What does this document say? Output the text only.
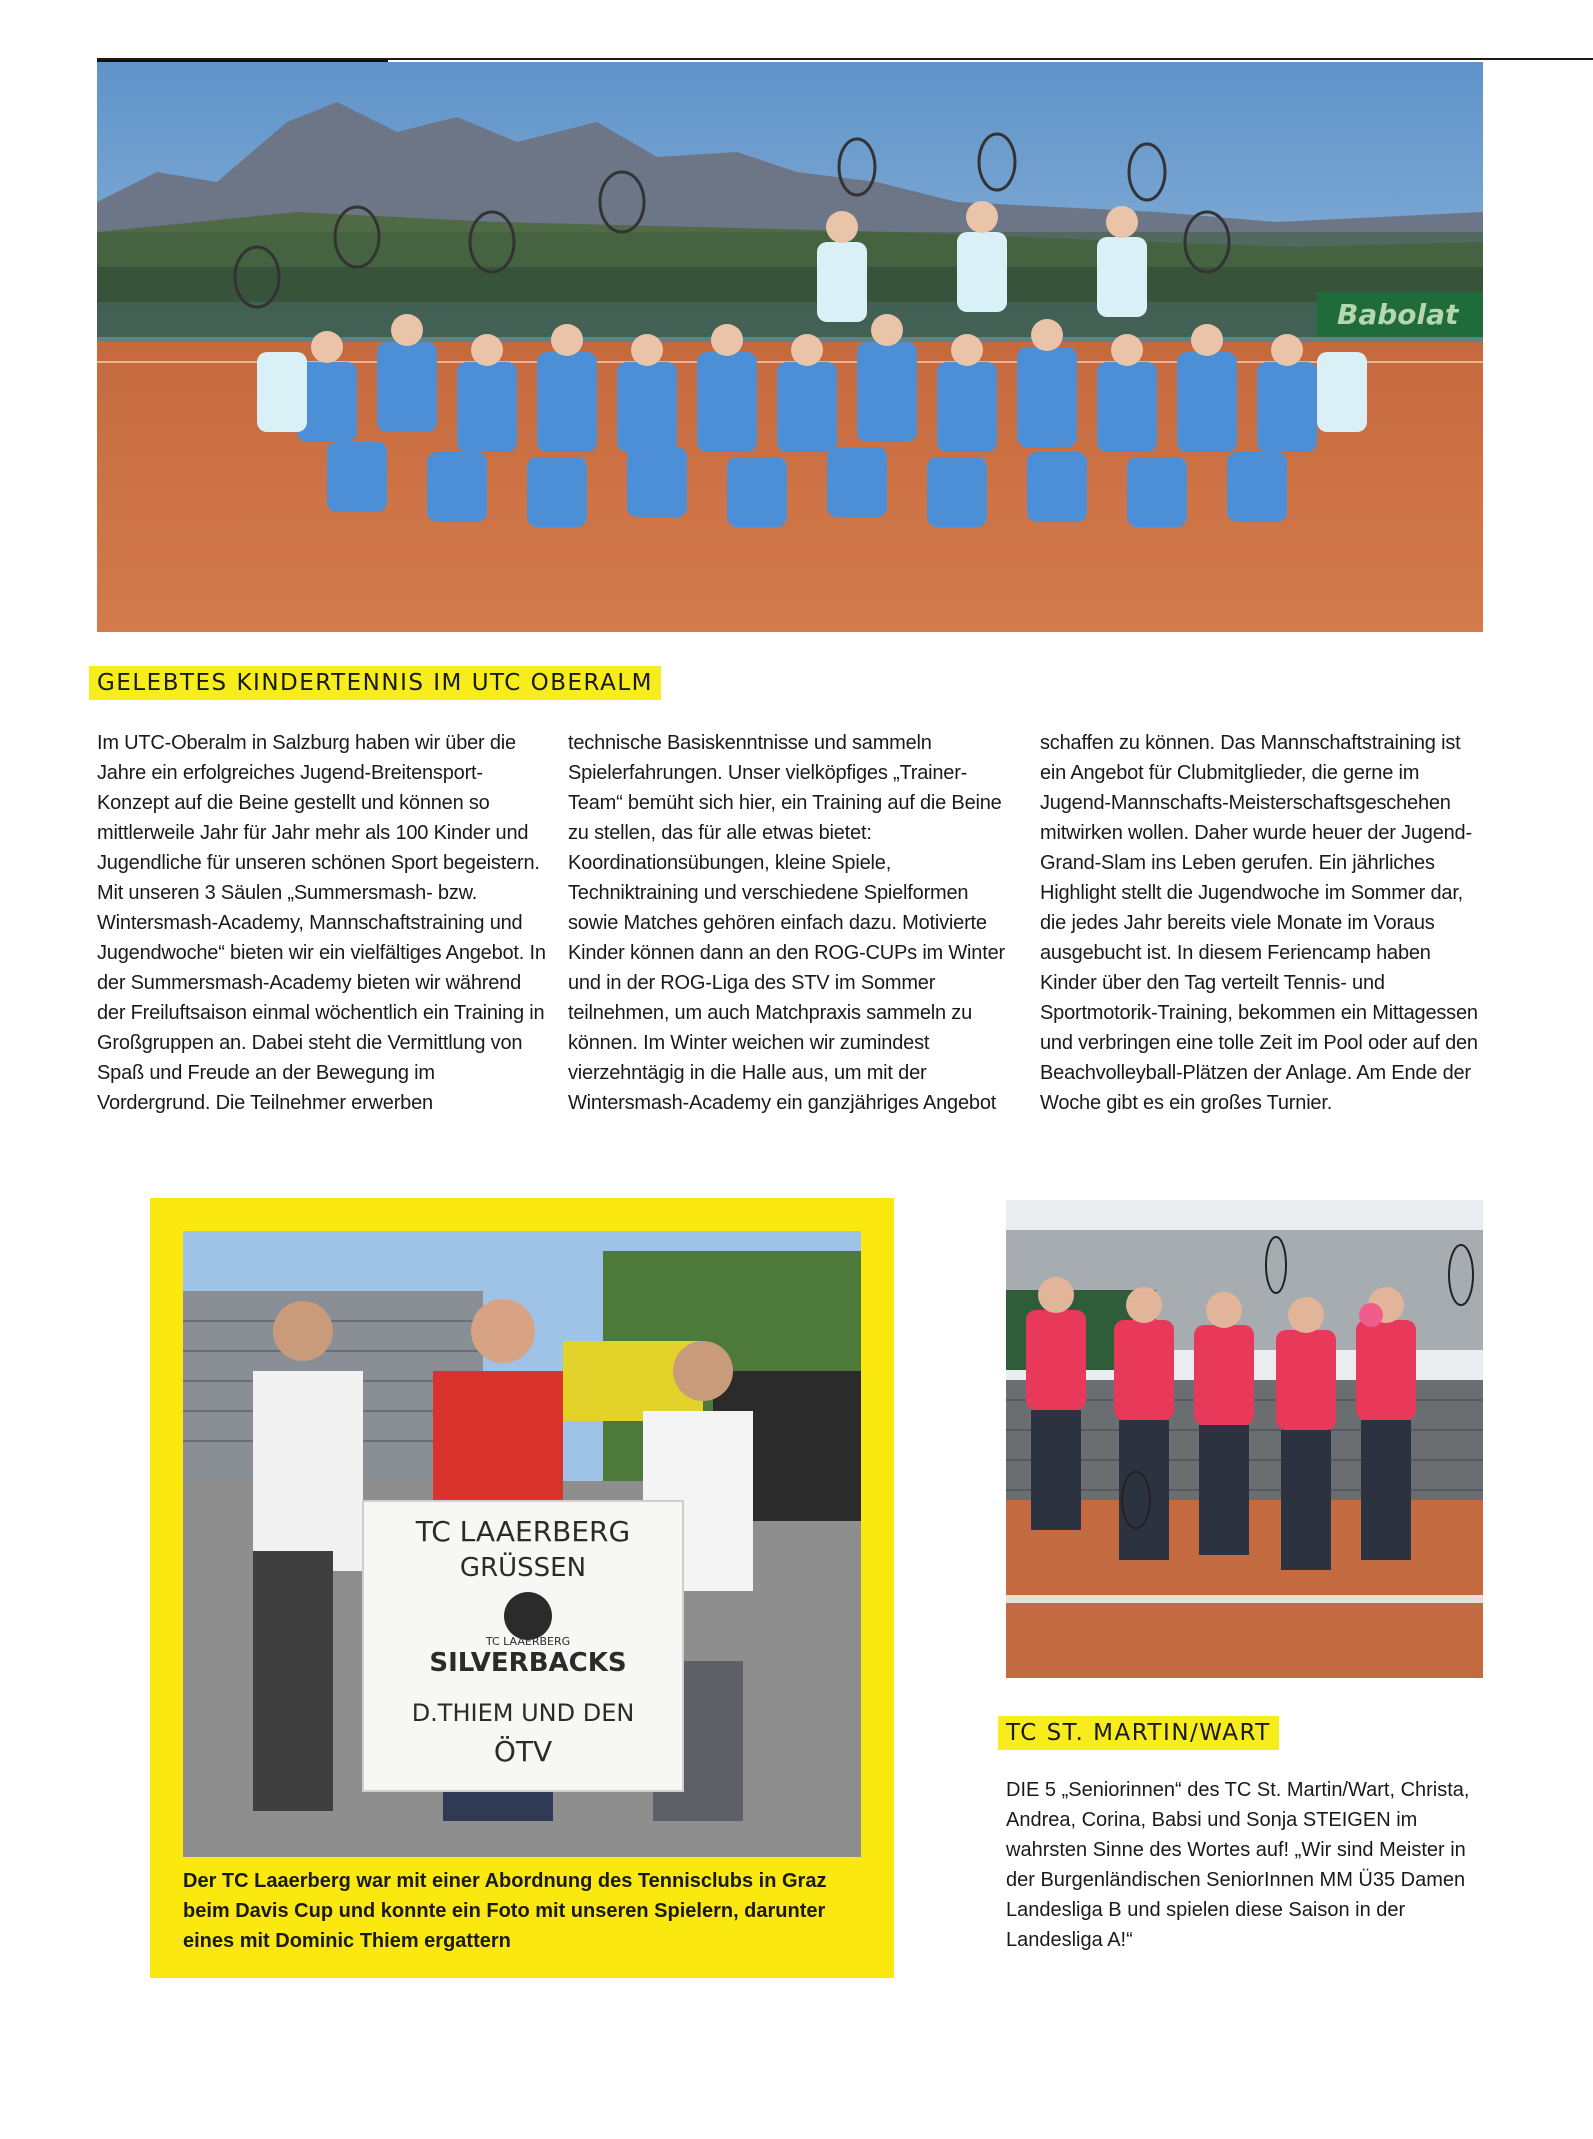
Babolat
GELEBTES KINDERTENNIS IM UTC OBERALM

Im UTC-Oberalm in Salzburg haben wir über die Jahre ein erfolgreiches Jugend-Breitensport-Konzept auf die Beine gestellt und können so mittlerweile Jahr für Jahr mehr als 100 Kinder und Jugendliche für unseren schönen Sport begeistern. Mit unseren 3 Säulen „Summersmash- bzw. Wintersmash-Academy, Mannschaftstraining und Jugendwoche“ bieten wir ein vielfältiges Angebot. In der Summersmash-Academy bieten wir während der Freiluftsaison einmal wöchentlich ein Training in Großgruppen an. Dabei steht die Vermittlung von Spaß und Freude an der Bewegung im Vordergrund. Die Teilnehmer erwerben

technische Basiskenntnisse und sammeln Spielerfahrungen. Unser vielköpfiges „Trainer-Team“ bemüht sich hier, ein Training auf die Beine zu stellen, das für alle etwas bietet: Koordinationsübungen, kleine Spiele, Techniktraining und verschiedene Spielformen sowie Matches gehören einfach dazu. Motivierte Kinder können dann an den ROG-CUPs im Winter und in der ROG-Liga des STV im Sommer teilnehmen, um auch Matchpraxis sammeln zu können. Im Winter weichen wir zumindest vierzehntägig in die Halle aus, um mit der Wintersmash-Academy ein ganzjähriges Angebot

schaffen zu können. Das Mannschaftstraining ist ein Angebot für Clubmitglieder, die gerne im Jugend-Mannschafts-Meisterschaftsgeschehen mitwirken wollen. Daher wurde heuer der Jugend-Grand-Slam ins Leben gerufen. Ein jährliches Highlight stellt die Jugendwoche im Sommer dar, die jedes Jahr bereits viele Monate im Voraus ausgebucht ist. In diesem Feriencamp haben Kinder über den Tag verteilt Tennis- und Sportmotorik-Training, bekommen ein Mittagessen und verbringen eine tolle Zeit im Pool oder auf den Beachvolleyball-Plätzen der Anlage. Am Ende der Woche gibt es ein großes Turnier.

TC LAAERBERG
GRÜSSEN
TC LAAERBERG
SILVERBACKS
D.THIEM UND DEN
ÖTV
Der TC Laaerberg war mit einer Abordnung des Tennisclubs in Graz beim Davis Cup und konnte ein Foto mit unseren Spielern, darunter eines mit Dominic Thiem ergattern
TC ST. MARTIN/WART
DIE 5 „Seniorinnen“ des TC St. Martin/Wart, Christa, Andrea, Corina, Babsi und Sonja STEIGEN im wahrsten Sinne des Wortes auf! „Wir sind Meister in der Burgenländischen SeniorInnen MM Ü35 Damen Landesliga B und spielen diese Saison in der Landesliga A!“
